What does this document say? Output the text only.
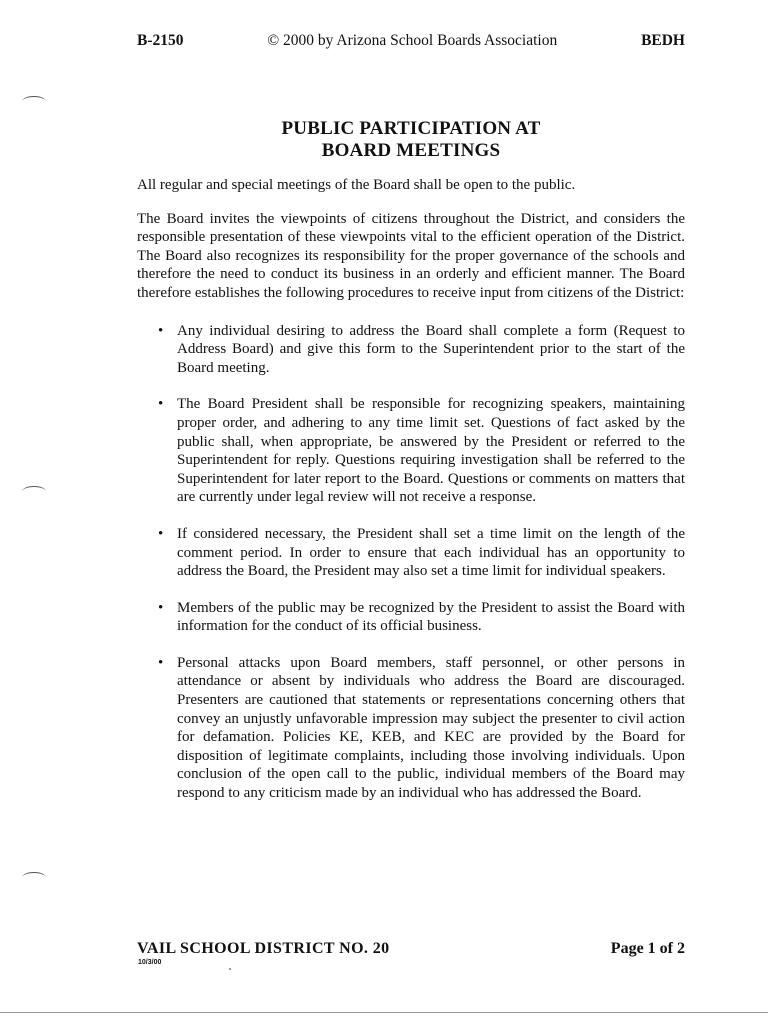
B-2150	© 2000 by Arizona School Boards Association	BEDH
PUBLIC PARTICIPATION AT
BOARD MEETINGS

All regular and special meetings of the Board shall be open to the public.

The Board invites the viewpoints of citizens throughout the District, and considers the responsible presentation of these viewpoints vital to the efficient operation of the District. The Board also recognizes its responsibility for the proper governance of the schools and therefore the need to conduct its business in an orderly and efficient manner. The Board therefore establishes the following procedures to receive input from citizens of the District:

• Any individual desiring to address the Board shall complete a form (Request to Address Board) and give this form to the Superintendent prior to the start of the Board meeting.
• The Board President shall be responsible for recognizing speakers, maintaining proper order, and adhering to any time limit set. Questions of fact asked by the public shall, when appropriate, be answered by the President or referred to the Superintendent for reply. Questions requiring investigation shall be referred to the Superintendent for later report to the Board. Questions or comments on matters that are currently under legal review will not receive a response.
• If considered necessary, the President shall set a time limit on the length of the comment period. In order to ensure that each individual has an opportunity to address the Board, the President may also set a time limit for individual speakers.
• Members of the public may be recognized by the President to assist the Board with information for the conduct of its official business.
• Personal attacks upon Board members, staff personnel, or other persons in attendance or absent by individuals who address the Board are discouraged. Presenters are cautioned that statements or representations concerning others that convey an unjustly unfavorable impression may subject the presenter to civil action for defamation. Policies KE, KEB, and KEC are provided by the Board for disposition of legitimate complaints, including those involving individuals. Upon conclusion of the open call to the public, individual members of the Board may respond to any criticism made by an individual who has addressed the Board.
VAIL SCHOOL DISTRICT NO. 20	Page 1 of 2
10/3/00
